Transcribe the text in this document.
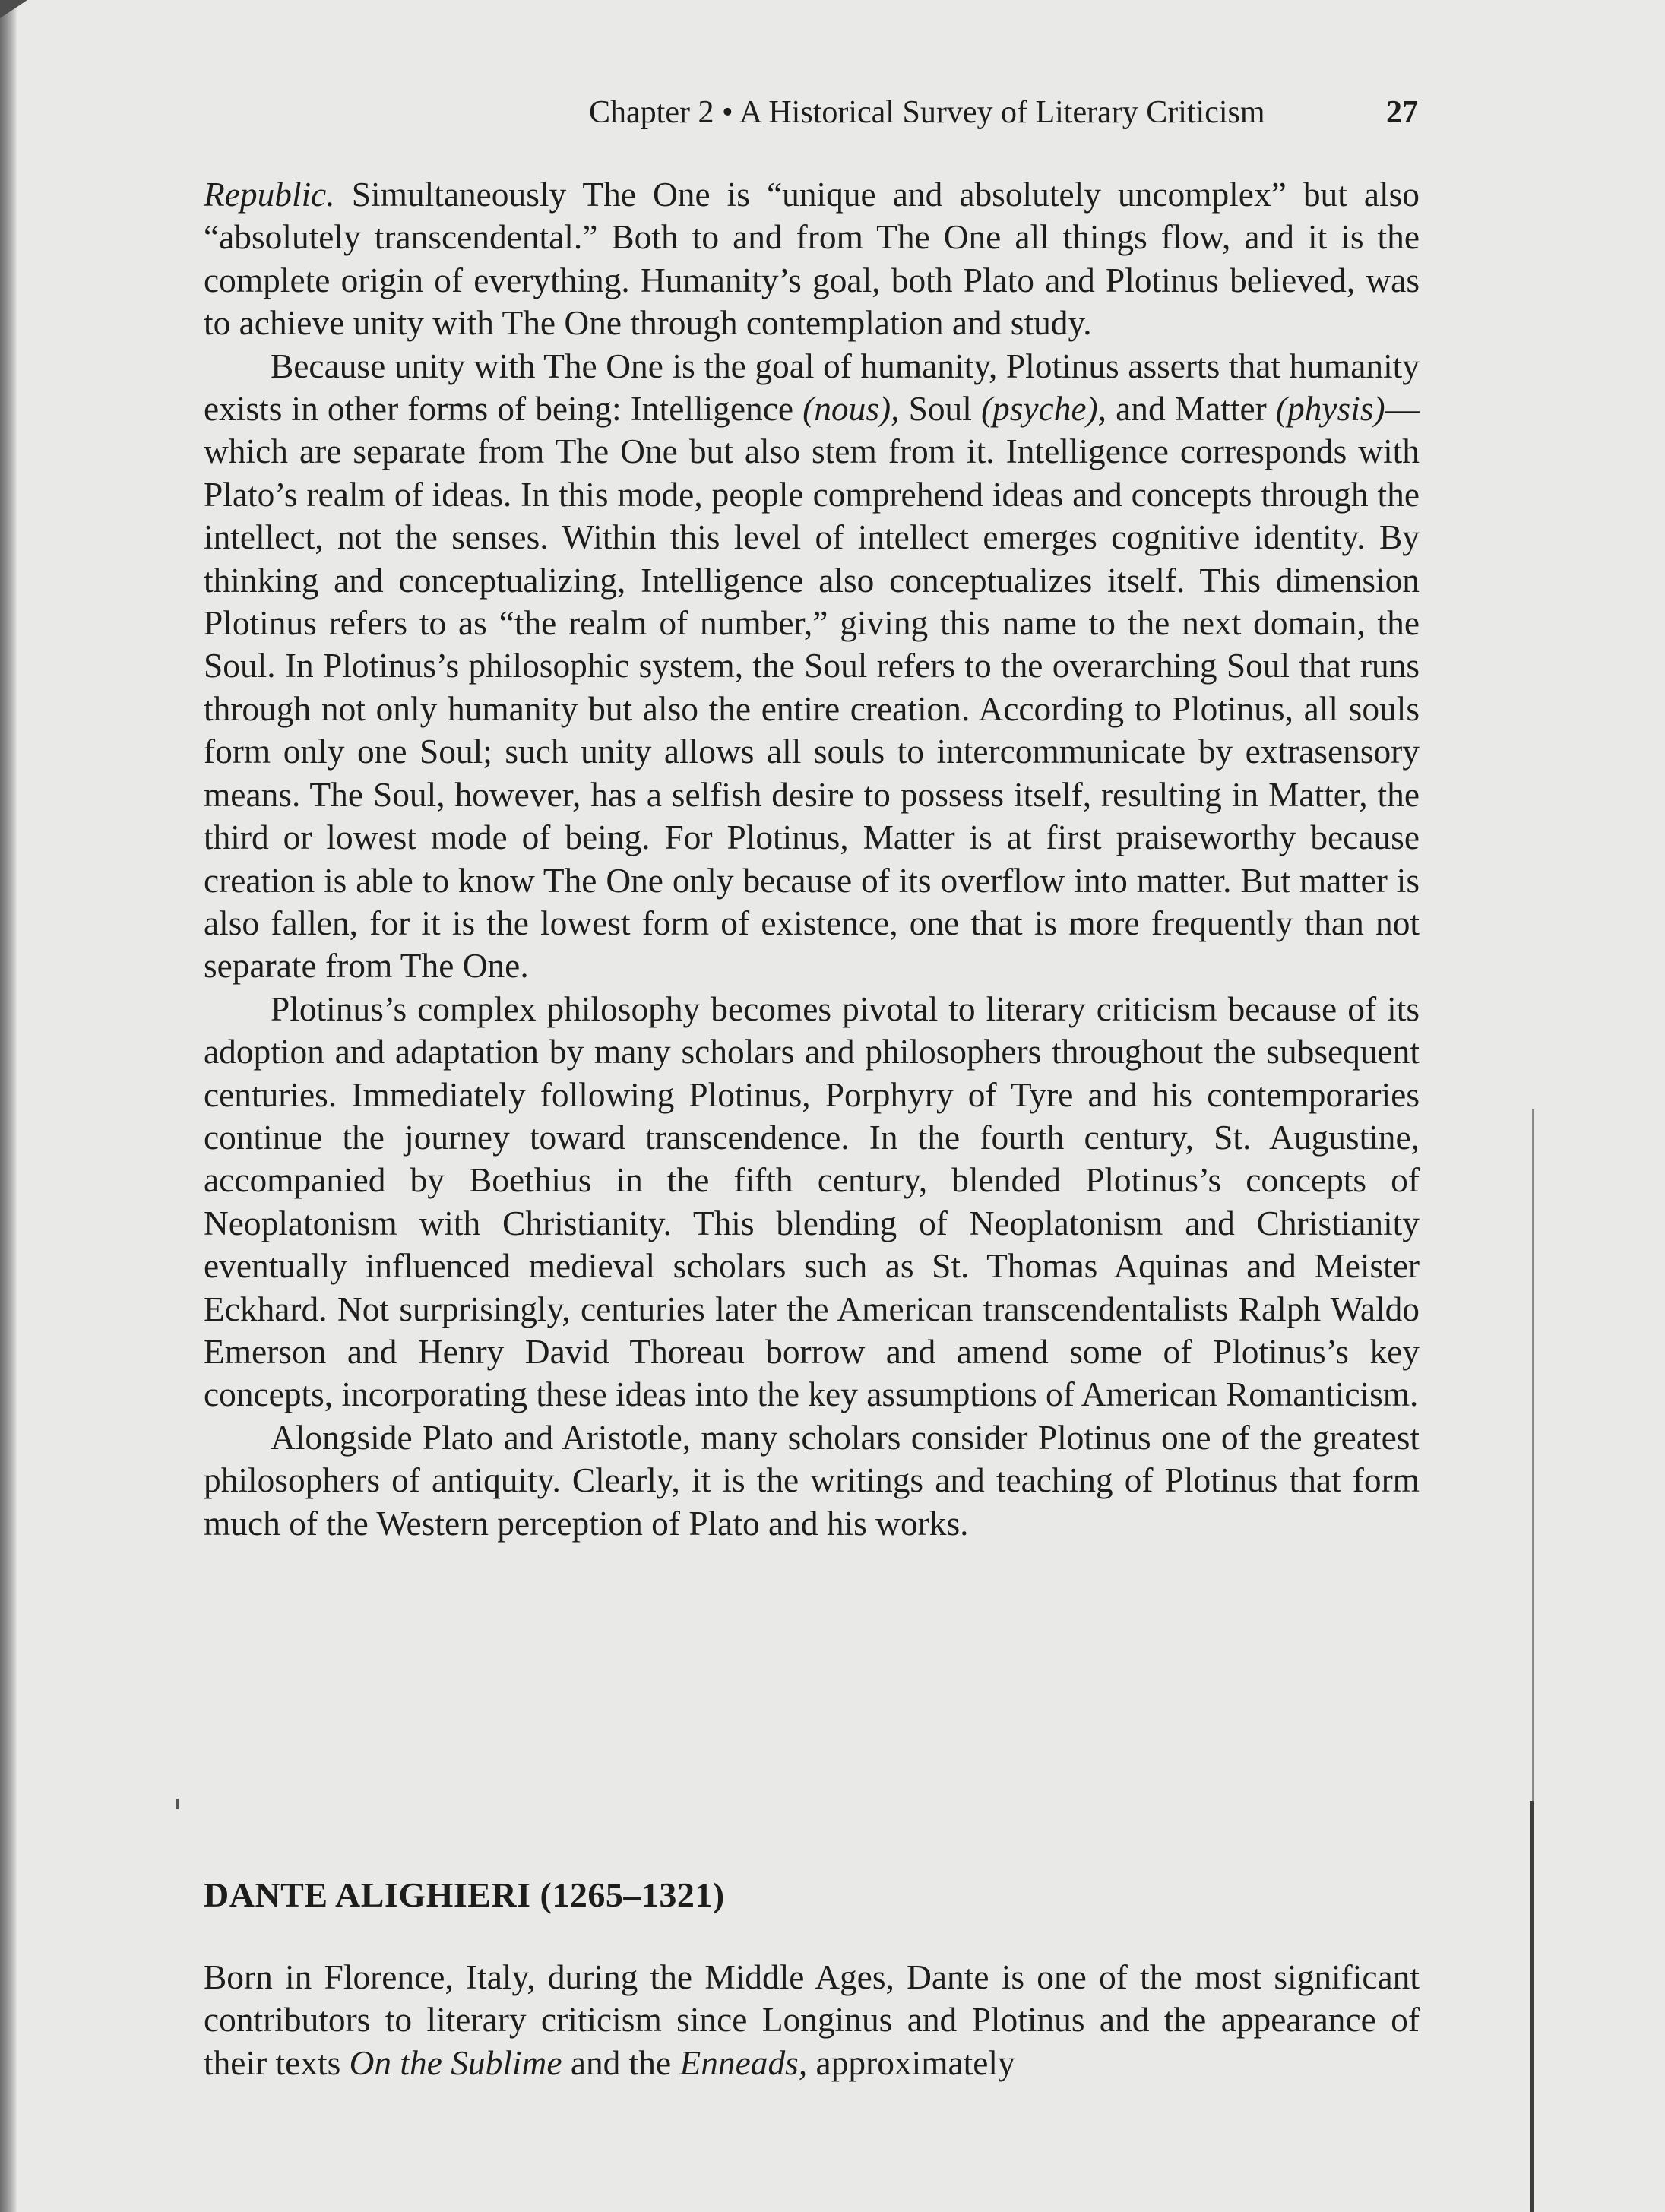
Chapter 2 • A Historical Survey of Literary Criticism	27

Republic. Simultaneously The One is “unique and absolutely uncomplex” but also “absolutely transcendental.” Both to and from The One all things flow, and it is the complete origin of everything. Humanity’s goal, both Plato and Plotinus believed, was to achieve unity with The One through contemplation and study.

Because unity with The One is the goal of humanity, Plotinus asserts that humanity exists in other forms of being: Intelligence (nous), Soul (psyche), and Matter (physis)—which are separate from The One but also stem from it. Intelligence corresponds with Plato’s realm of ideas. In this mode, people comprehend ideas and concepts through the intellect, not the senses. Within this level of intellect emerges cognitive identity. By thinking and conceptualizing, Intelligence also conceptualizes itself. This dimension Plotinus refers to as “the realm of number,” giving this name to the next domain, the Soul. In Plotinus’s philosophic system, the Soul refers to the overarching Soul that runs through not only humanity but also the entire creation. According to Plotinus, all souls form only one Soul; such unity allows all souls to intercommunicate by extrasensory means. The Soul, however, has a selfish desire to possess itself, resulting in Matter, the third or lowest mode of being. For Plotinus, Matter is at first praiseworthy because creation is able to know The One only because of its overflow into matter. But matter is also fallen, for it is the lowest form of existence, one that is more frequently than not separate from The One.

Plotinus’s complex philosophy becomes pivotal to literary criticism because of its adoption and adaptation by many scholars and philosophers throughout the subsequent centuries. Immediately following Plotinus, Porphyry of Tyre and his contemporaries continue the journey toward transcendence. In the fourth century, St. Augustine, accompanied by Boethius in the fifth century, blended Plotinus’s concepts of Neoplatonism with Christianity. This blending of Neoplatonism and Christianity eventually influenced medieval scholars such as St. Thomas Aquinas and Meister Eckhard. Not surprisingly, centuries later the American transcendentalists Ralph Waldo Emerson and Henry David Thoreau borrow and amend some of Plotinus’s key concepts, incorporating these ideas into the key assumptions of American Romanticism.

Alongside Plato and Aristotle, many scholars consider Plotinus one of the greatest philosophers of antiquity. Clearly, it is the writings and teaching of Plotinus that form much of the Western perception of Plato and his works.

DANTE ALIGHIERI (1265–1321)

Born in Florence, Italy, during the Middle Ages, Dante is one of the most significant contributors to literary criticism since Longinus and Plotinus and the appearance of their texts On the Sublime and the Enneads, approximately
